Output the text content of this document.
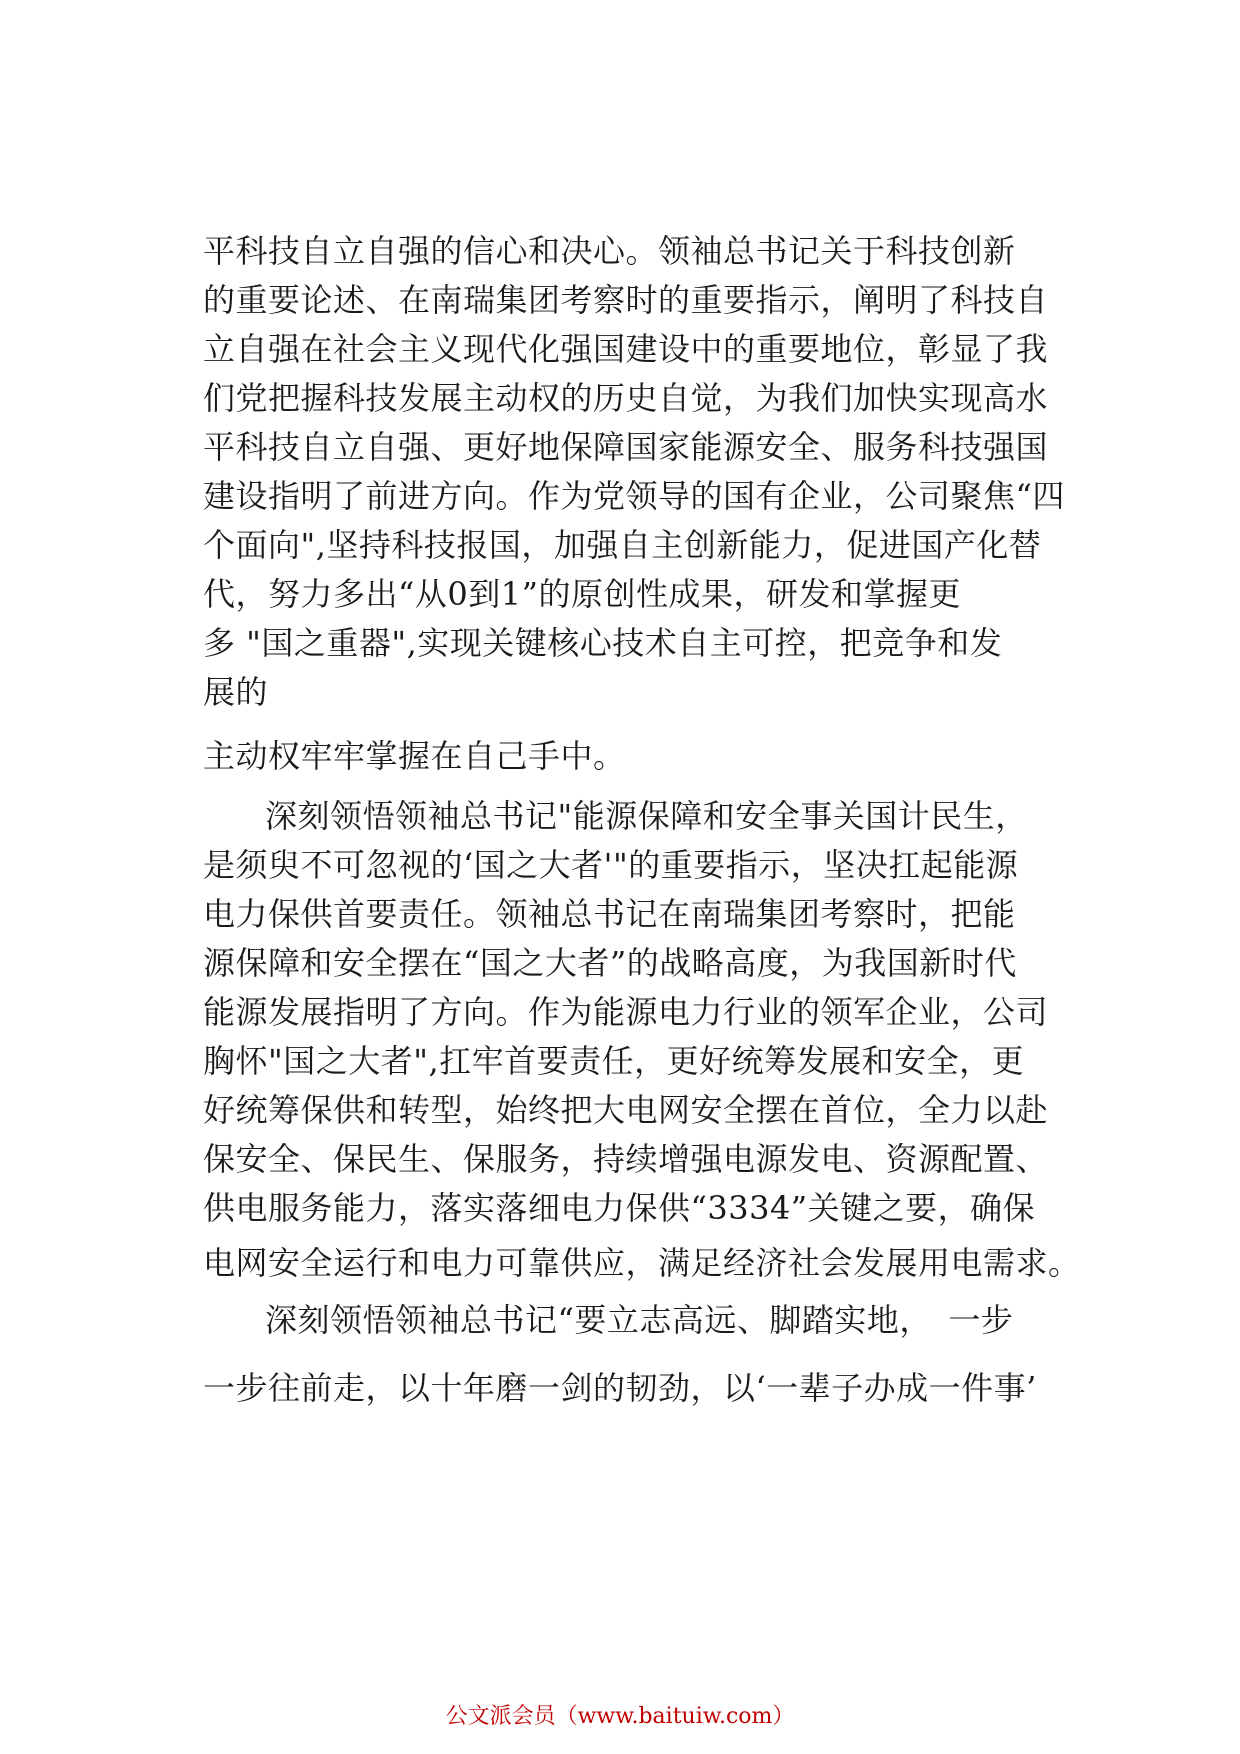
平科技自立自强的信心和决心。领袖总书记关于科技创新
的重要论述、在南瑞集团考察时的重要指示，阐明了科技自
立自强在社会主义现代化强国建设中的重要地位，彰显了我
们党把握科技发展主动权的历史自觉，为我们加快实现高水
平科技自立自强、更好地保障国家能源安全、服务科技强国
建设指明了前进方向。作为党领导的国有企业，公司聚焦“四
个面向",坚持科技报国，加强自主创新能力，促进国产化替
代，努力多出“从0到1”的原创性成果，研发和掌握更
多 "国之重器",实现关键核心技术自主可控，把竞争和发
展的
主动权牢牢掌握在自己手中。
深刻领悟领袖总书记"能源保障和安全事关国计民生，
是须臾不可忽视的‘国之大者'"的重要指示，坚决扛起能源
电力保供首要责任。领袖总书记在南瑞集团考察时，把能
源保障和安全摆在“国之大者”的战略高度，为我国新时代
能源发展指明了方向。作为能源电力行业的领军企业，公司
胸怀"国之大者",扛牢首要责任，更好统筹发展和安全，更
好统筹保供和转型，始终把大电网安全摆在首位，全力以赴
保安全、保民生、保服务，持续增强电源发电、资源配置、
供电服务能力，落实落细电力保供“3334”关键之要，确保
电网安全运行和电力可靠供应，满足经济社会发展用电需求。
深刻领悟领袖总书记“要立志高远、脚踏实地，　一步
一步往前走，以十年磨一剑的韧劲，以‘一辈子办成一件事’
公文派会员（www.baituiw.com）
